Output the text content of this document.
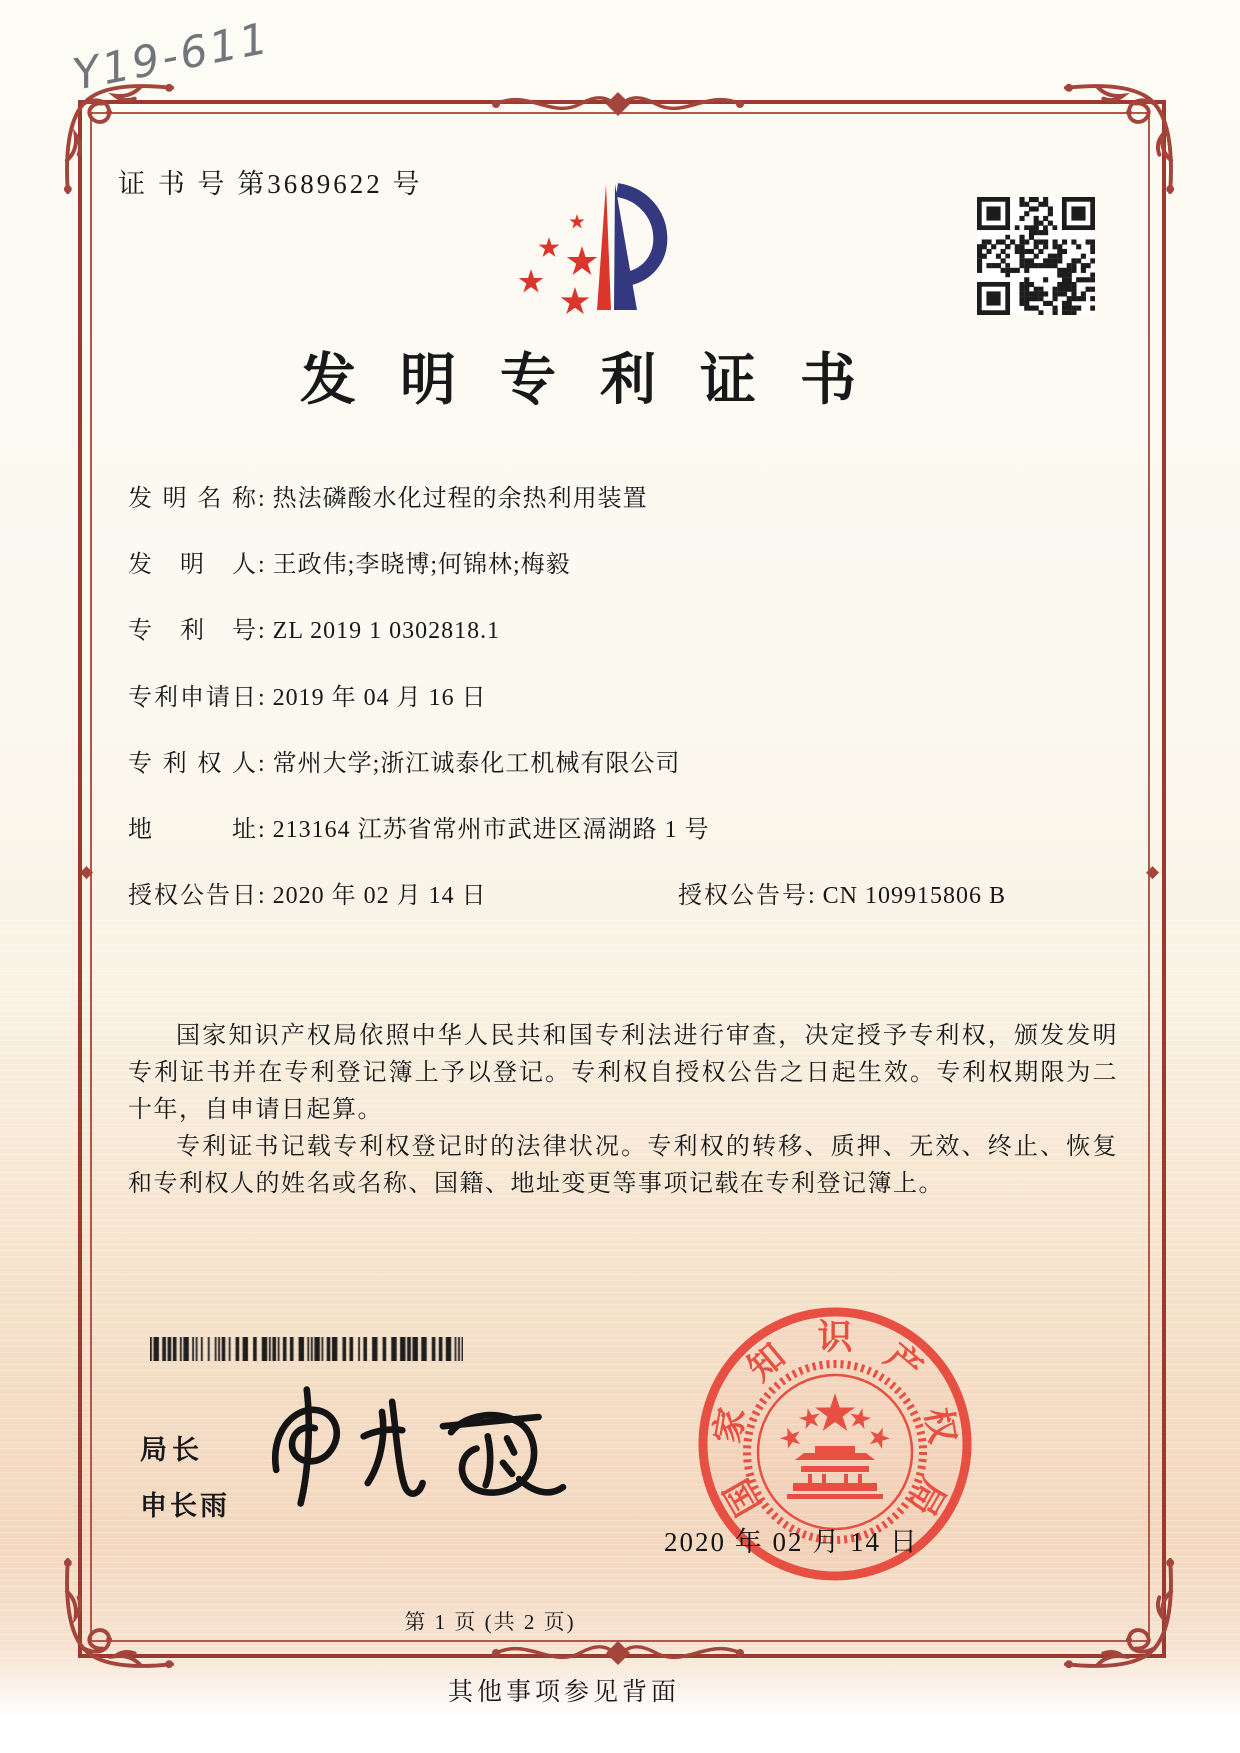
◆	◆
Y19-611
证 书 号 第3689622 号
发明专利证书
发 明 名 称 : 热法磷酸水化过程的余热利用装置
发 明 人 : 王政伟;李晓博;何锦林;梅毅
专 利 号 : ZL 2019 1 0302818.1
专 利 申 请 日 : 2019 年 04 月 16 日
专 利 权 人 : 常州大学;浙江诚泰化工机械有限公司
地	址 : 213164 江苏省常州市武进区滆湖路 1 号
授 权 公 告 日 : 2020 年 02 月 14 日	授 权 公 告 号 : CN 109915806 B

国家知识产权局依照中华人民共和国专利法进行审查，决定授予专利权，颁发发明专利证书并在专利登记簿上予以登记。专利权自授权公告之日起生效。专利权期限为二十年，自申请日起算。

专利证书记载专利权登记时的法律状况。专利权的转移、质押、无效、终止、恢复和专利权人的姓名或名称、国籍、地址变更等事项记载在专利登记簿上。

局长
申长雨	国
家
知 识 产
权
局
2020 年 02 月 14 日
第 1 页 (共 2 页)
其他事项参见背面
